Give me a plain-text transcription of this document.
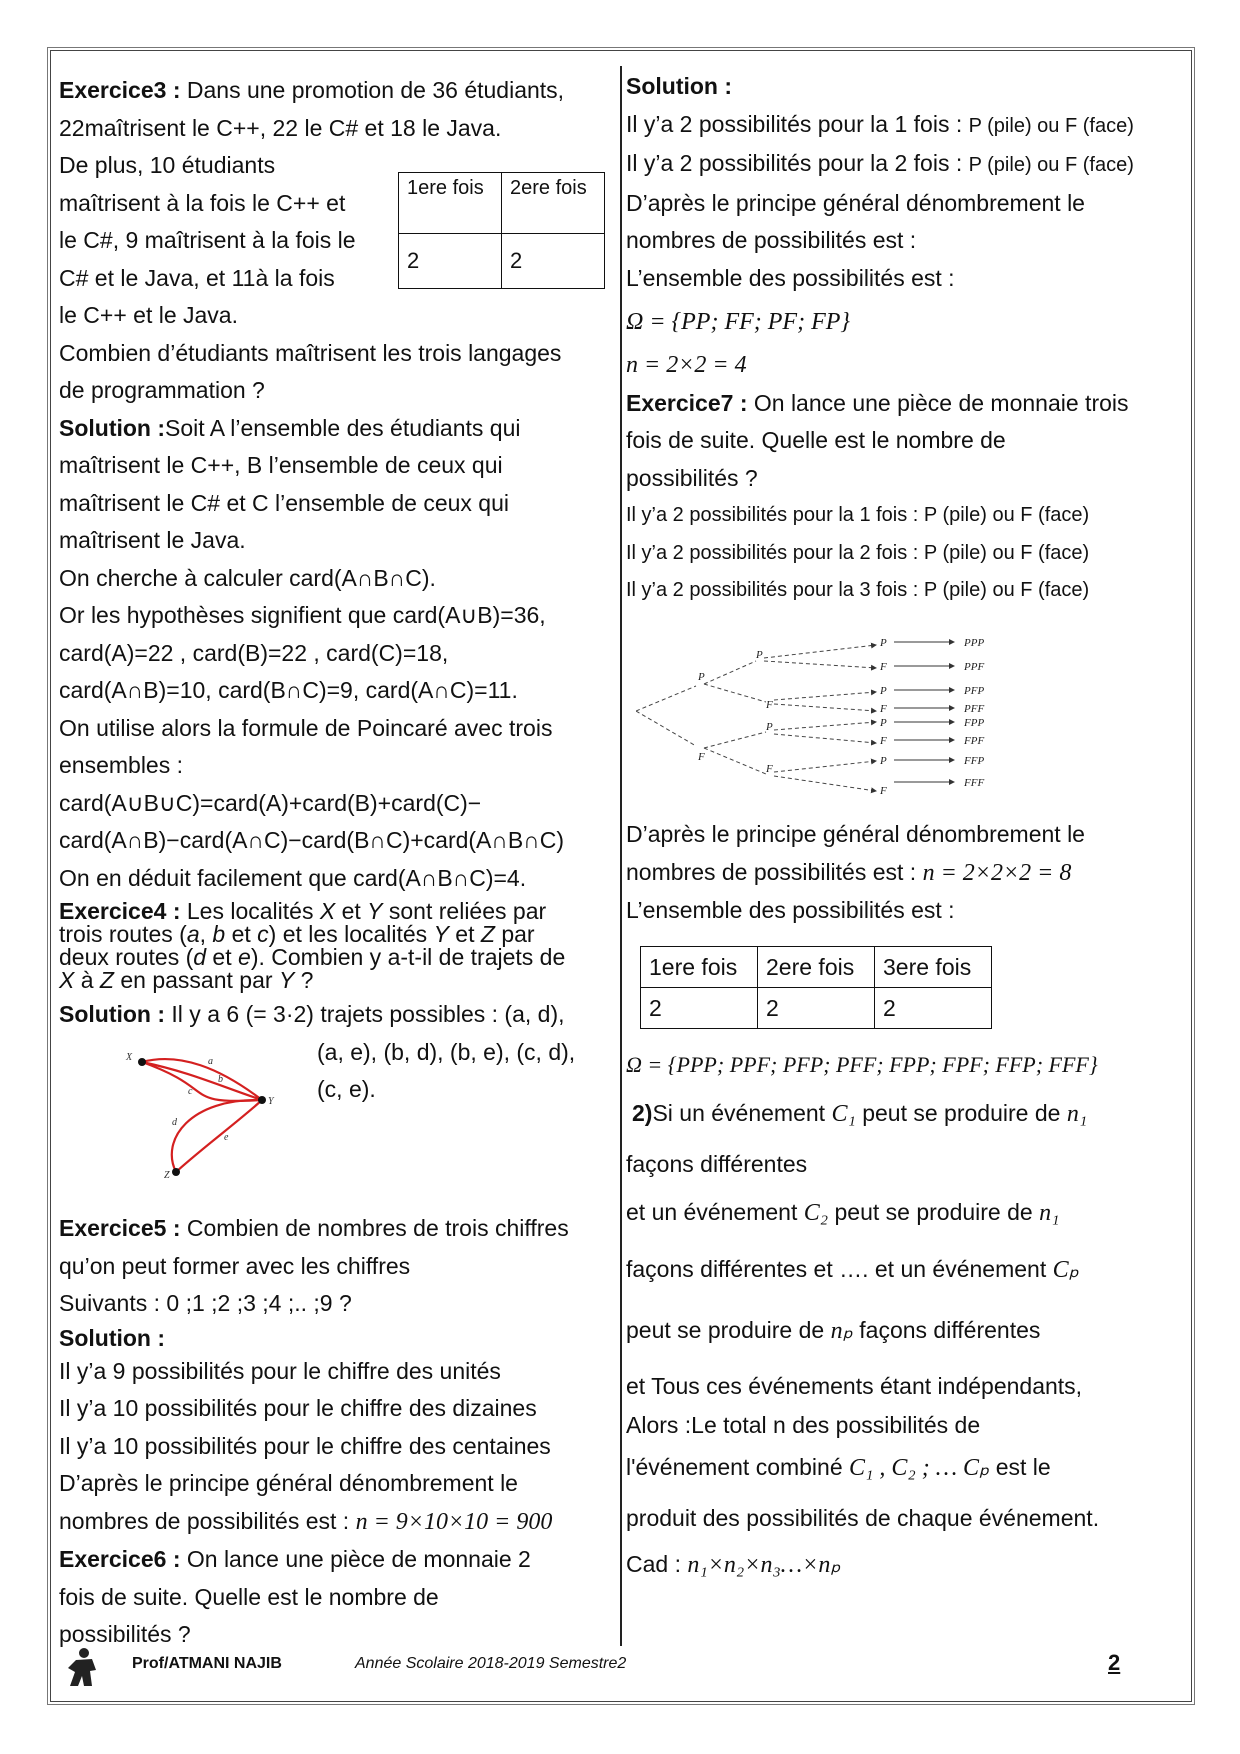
Exercice3 : Dans une promotion de 36 étudiants,

22maîtrisent le C++, 22 le C# et 18 le Java.

De plus, 10 étudiants

maîtrisent à la fois le C++ et

le C#, 9 maîtrisent à la fois le

C# et le Java, et 11à la fois

le C++ et le Java.

Combien d’étudiants maîtrisent les trois langages

de programmation ?

Solution :Soit A l’ensemble des étudiants qui

maîtrisent le C++, B l’ensemble de ceux qui

maîtrisent le C# et C l’ensemble de ceux qui

maîtrisent le Java.

On cherche à calculer card(A∩B∩C).

Or les hypothèses signifient que card(A∪B)=36,

card(A)=22 , card(B)=22 , card(C)=18,

card(A∩B)=10, card(B∩C)=9, card(A∩C)=11.

On utilise alors la formule de Poincaré avec trois

ensembles :

card(A∪B∪C)=card(A)+card(B)+card(C)−

card(A∩B)−card(A∩C)−card(B∩C)+card(A∩B∩C)

On en déduit facilement que card(A∩B∩C)=4.

Exercice4 : Les localités X et Y sont reliées par

trois routes (a, b et c) et les localités Y et Z par

deux routes (d et e). Combien y a-t-il de trajets de

X à Z en passant par Y ?

Solution : Il y a 6 (= 3·2) trajets possibles : (a, d),

(a, e), (b, d), (b, e), (c, d),

(c, e).

Exercice5 : Combien de nombres de trois chiffres

qu’on peut former avec les chiffres

Suivants : 0 ;1 ;2 ;3 ;4 ;.. ;9 ?

Solution :

Il y’a 9 possibilités pour le chiffre des unités

Il y’a 10 possibilités pour le chiffre des dizaines

Il y’a 10 possibilités pour le chiffre des centaines

D’après le principe général dénombrement le

nombres de possibilités est : n = 9×10×10 = 900

Exercice6 : On lance une pièce de monnaie 2

fois de suite. Quelle est le nombre de

possibilités ?

1ere fois	2ere fois
2	2
X
Y
Z
a
b
c
d
e

Solution :

Il y’a 2 possibilités pour la 1 fois : P (pile) ou F (face)

Il y’a 2 possibilités pour la 2 fois : P (pile) ou F (face)

D’après le principe général dénombrement le

nombres de possibilités est :

L’ensemble des possibilités est :

Ω = {PP; FF; PF; FP}

n = 2×2 = 4

Exercice7 : On lance une pièce de monnaie trois

fois de suite. Quelle est le nombre de

possibilités ?

Il y’a 2 possibilités pour la 1 fois : P (pile) ou F (face)

Il y’a 2 possibilités pour la 2 fois : P (pile) ou F (face)

Il y’a 2 possibilités pour la 3 fois : P (pile) ou F (face)

P
F
P
F
P
F
P
F
P
F
P
F
P
F
PPP
PPF
PFP
PFF
FPP
FPF
FFP
FFF

D’après le principe général dénombrement le

nombres de possibilités est : n = 2×2×2 = 8

L’ensemble des possibilités est :

1ere fois	2ere fois	3ere fois
2	2	2

Ω = {PPP; PPF; PFP; PFF; FPP; FPF; FFP; FFF}

2)Si un événement C₁ peut se produire de n₁

façons différentes

et un événement C₂ peut se produire de n₁

façons différentes et …. et un événement Cₚ

peut se produire de nₚ façons différentes

et Tous ces événements étant indépendants,

Alors :Le total n des possibilités de

l'événement combiné C₁ , C₂ ; … Cₚ est le

produit des possibilités de chaque événement.

Cad : n₁×n₂×n₃…×nₚ

Prof/ATMANI NAJIB	Année Scolaire 2018-2019 Semestre2	2
